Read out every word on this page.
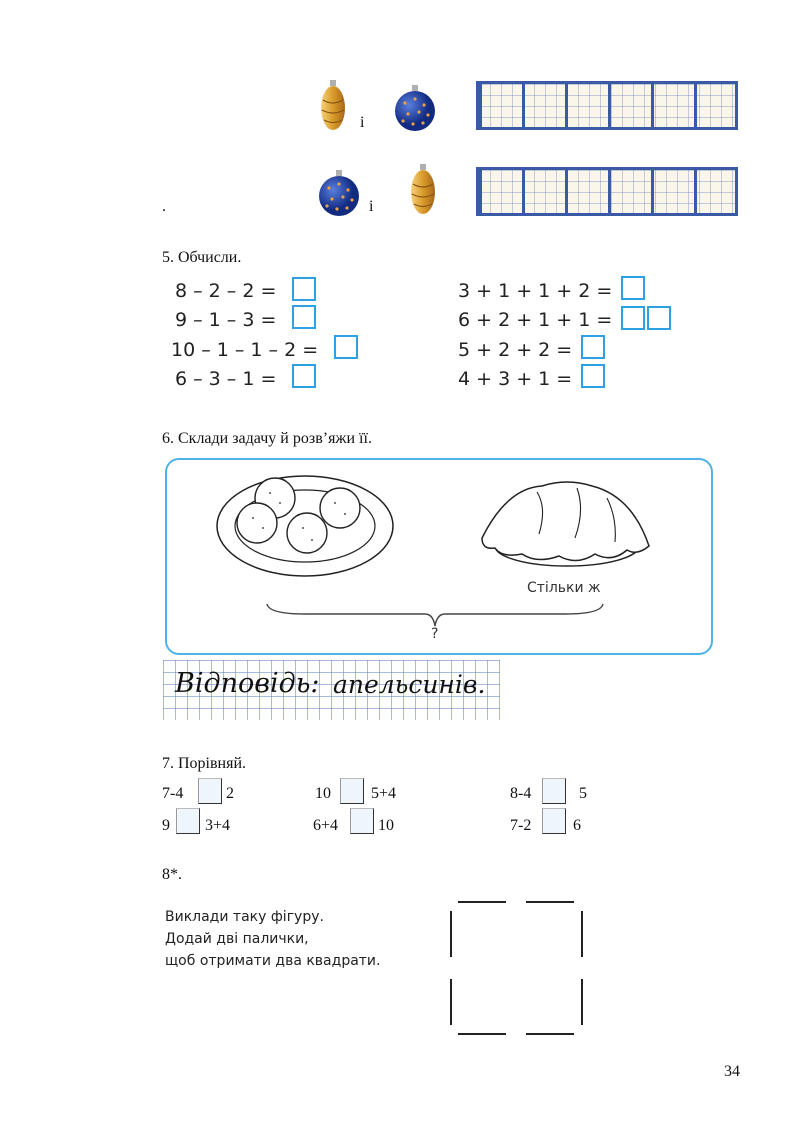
і
.	і
5. Обчисли.
8 – 2 – 2 =
9 – 1 – 3 =
10 – 1 – 1 – 2 =
6 – 3 – 1 =
3 + 1 + 1 + 2 =
6 + 2 + 1 + 1 =
5 + 2 + 2 =
4 + 3 + 1 =
6. Склади задачу й розв’яжи її.
Стільки ж
?
Відповідь: апельсинів.
7. Порівняй.
7-4	2	10	5+4	8-4	5
9 3+4	6+4 10	7-2	6
8*.
Виклади таку фігуру.
Додай дві палички,
щоб отримати два квадрати.
34
